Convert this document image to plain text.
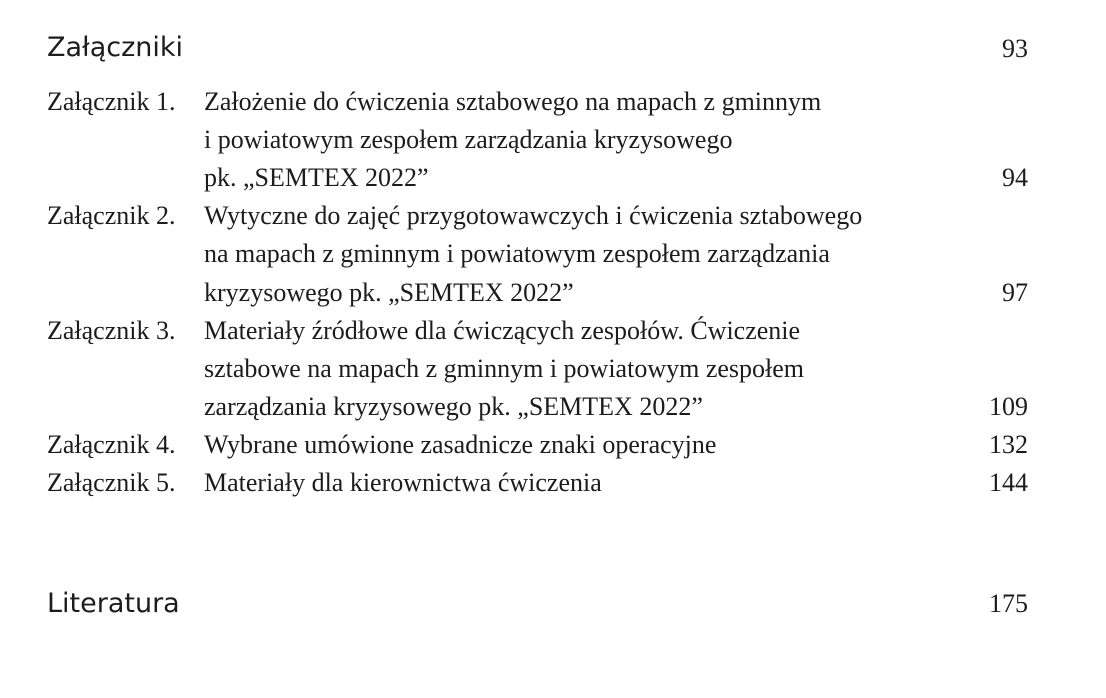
Załączniki	93
Załącznik 1. Założenie do ćwiczenia sztabowego na mapach z gminnym
i powiatowym zespołem zarządzania kryzysowego
pk. „SEMTEX 2022”	94
Załącznik 2. Wytyczne do zajęć przygotowawczych i ćwiczenia sztabowego
na mapach z gminnym i powiatowym zespołem zarządzania
kryzysowego pk. „SEMTEX 2022”	97
Załącznik 3. Materiały źródłowe dla ćwiczących zespołów. Ćwiczenie
sztabowe na mapach z gminnym i powiatowym zespołem
zarządzania kryzysowego pk. „SEMTEX 2022”	109
Załącznik 4. Wybrane umówione zasadnicze znaki operacyjne	132
Załącznik 5. Materiały dla kierownictwa ćwiczenia	144
Literatura	175
